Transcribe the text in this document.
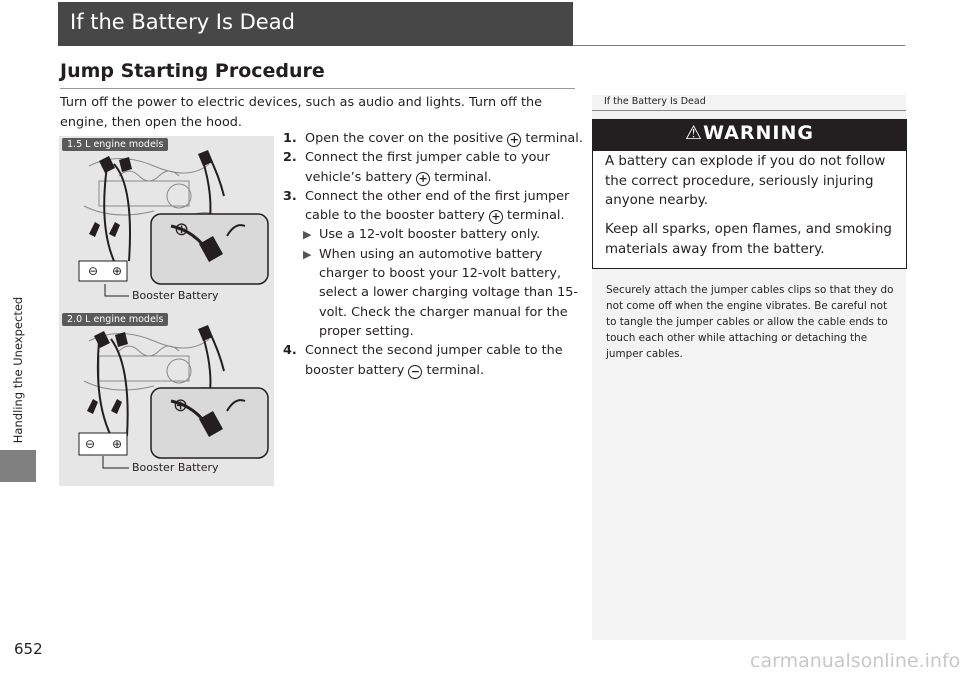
Handling the Unexpected
If the Battery Is Dead
Jump Starting Procedure
Turn off the power to electric devices, such as audio and lights. Turn off the engine, then open the hood.
⊖ ⊕
⊕
1.5 L engine models
Booster Battery
⊖ ⊕
⊕
2.0 L engine models
Booster Battery
1. Open the cover on the positive + terminal.
2. Connect the first jumper cable to your vehicle’s battery + terminal.
3. Connect the other end of the first jumper cable to the booster battery + terminal.
▶ Use a 12-volt booster battery only.
▶ When using an automotive battery charger to boost your 12-volt battery, select a lower charging voltage than 15-volt. Check the charger manual for the proper setting.
4. Connect the second jumper cable to the booster battery − terminal.
If the Battery Is Dead
⚠WARNING
A battery can explode if you do not follow the correct procedure, seriously injuring anyone nearby.
Keep all sparks, open flames, and smoking materials away from the battery.
Securely attach the jumper cables clips so that they do not come off when the engine vibrates. Be careful not to tangle the jumper cables or allow the cable ends to touch each other while attaching or detaching the jumper cables.
652
carmanualsonline.info
